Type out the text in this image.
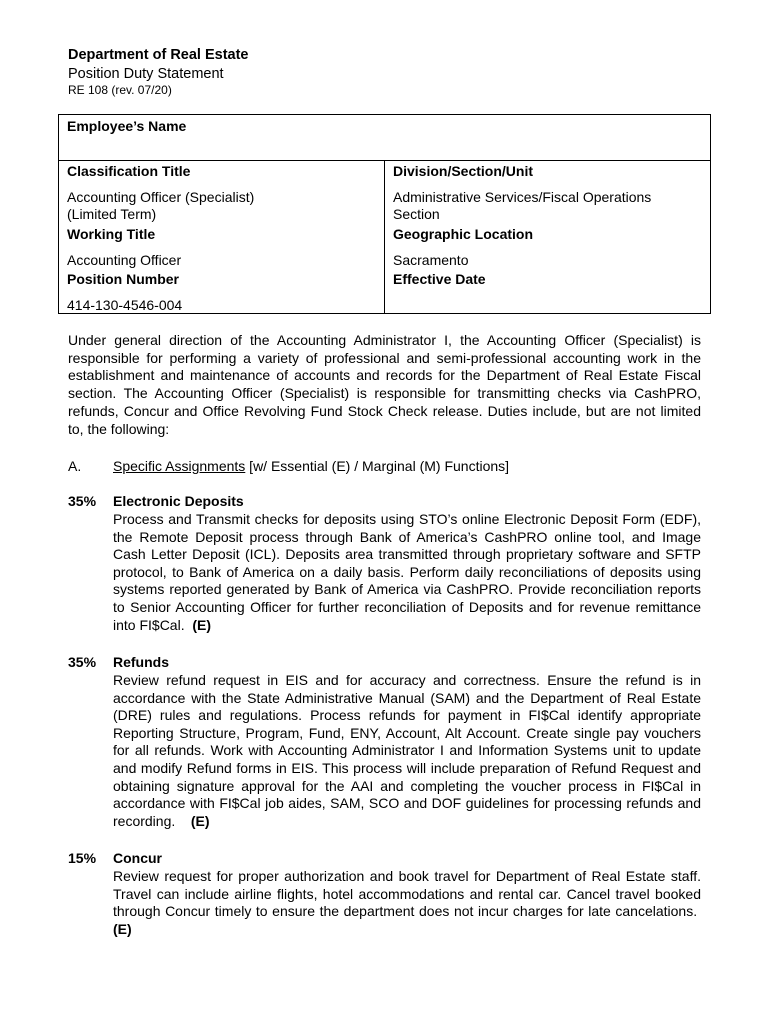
Department of Real Estate
Position Duty Statement
RE 108 (rev. 07/20)
Employee’s Name
Classification Title
Accounting Officer (Specialist)
(Limited Term)
Division/Section/Unit
Administrative Services/Fiscal Operations
Section
Working Title
Accounting Officer
Geographic Location
Sacramento
Position Number
414-130-4546-004
Effective Date
Under general direction of the Accounting Administrator I, the Accounting Officer (Specialist) is responsible for performing a variety of professional and semi-professional accounting work in the establishment and maintenance of accounts and records for the Department of Real Estate Fiscal section. The Accounting Officer (Specialist) is responsible for transmitting checks via CashPRO, refunds, Concur and Office Revolving Fund Stock Check release. Duties include, but are not limited to, the following:
A. Specific Assignments [w/ Essential (E) / Marginal (M) Functions]
35% Electronic Deposits
Process and Transmit checks for deposits using STO’s online Electronic Deposit Form (EDF), the Remote Deposit process through Bank of America’s CashPRO online tool, and Image Cash Letter Deposit (ICL). Deposits area transmitted through proprietary software and SFTP protocol, to Bank of America on a daily basis. Perform daily reconciliations of deposits using systems reported generated by Bank of America via CashPRO. Provide reconciliation reports to Senior Accounting Officer for further reconciliation of Deposits and for revenue remittance into FI$Cal. (E)
35% Refunds
Review refund request in EIS and for accuracy and correctness. Ensure the refund is in accordance with the State Administrative Manual (SAM) and the Department of Real Estate (DRE) rules and regulations. Process refunds for payment in FI$Cal identify appropriate Reporting Structure, Program, Fund, ENY, Account, Alt Account. Create single pay vouchers for all refunds. Work with Accounting Administrator I and Information Systems unit to update and modify Refund forms in EIS. This process will include preparation of Refund Request and obtaining signature approval for the AAI and completing the voucher process in FI$Cal in accordance with FI$Cal job aides, SAM, SCO and DOF guidelines for processing refunds and recording. (E)
15% Concur
Review request for proper authorization and book travel for Department of Real Estate staff. Travel can include airline flights, hotel accommodations and rental car. Cancel travel booked through Concur timely to ensure the department does not incur charges for late cancelations.  (E)
